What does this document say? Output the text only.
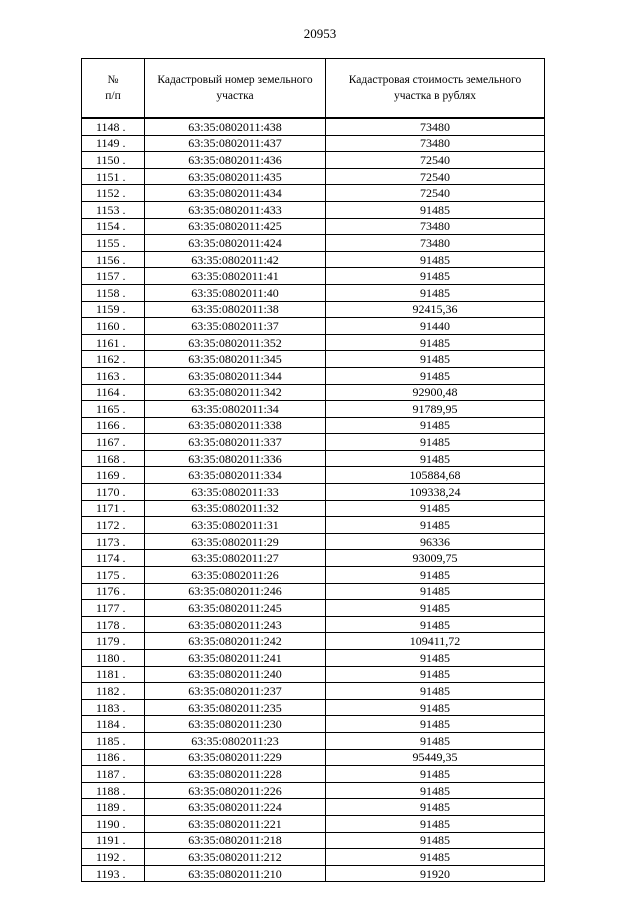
20953
№
п/п	Кадастровый номер земельного участка	Кадастровая стоимость земельного участка в рублях
1148 .	63:35:0802011:438	73480
1149 .	63:35:0802011:437	73480
1150 .	63:35:0802011:436	72540
1151 .	63:35:0802011:435	72540
1152 .	63:35:0802011:434	72540
1153 .	63:35:0802011:433	91485
1154 .	63:35:0802011:425	73480
1155 .	63:35:0802011:424	73480
1156 .	63:35:0802011:42	91485
1157 .	63:35:0802011:41	91485
1158 .	63:35:0802011:40	91485
1159 .	63:35:0802011:38	92415,36
1160 .	63:35:0802011:37	91440
1161 .	63:35:0802011:352	91485
1162 .	63:35:0802011:345	91485
1163 .	63:35:0802011:344	91485
1164 .	63:35:0802011:342	92900,48
1165 .	63:35:0802011:34	91789,95
1166 .	63:35:0802011:338	91485
1167 .	63:35:0802011:337	91485
1168 .	63:35:0802011:336	91485
1169 .	63:35:0802011:334	105884,68
1170 .	63:35:0802011:33	109338,24
1171 .	63:35:0802011:32	91485
1172 .	63:35:0802011:31	91485
1173 .	63:35:0802011:29	96336
1174 .	63:35:0802011:27	93009,75
1175 .	63:35:0802011:26	91485
1176 .	63:35:0802011:246	91485
1177 .	63:35:0802011:245	91485
1178 .	63:35:0802011:243	91485
1179 .	63:35:0802011:242	109411,72
1180 .	63:35:0802011:241	91485
1181 .	63:35:0802011:240	91485
1182 .	63:35:0802011:237	91485
1183 .	63:35:0802011:235	91485
1184 .	63:35:0802011:230	91485
1185 .	63:35:0802011:23	91485
1186 .	63:35:0802011:229	95449,35
1187 .	63:35:0802011:228	91485
1188 .	63:35:0802011:226	91485
1189 .	63:35:0802011:224	91485
1190 .	63:35:0802011:221	91485
1191 .	63:35:0802011:218	91485
1192 .	63:35:0802011:212	91485
1193 .	63:35:0802011:210	91920
